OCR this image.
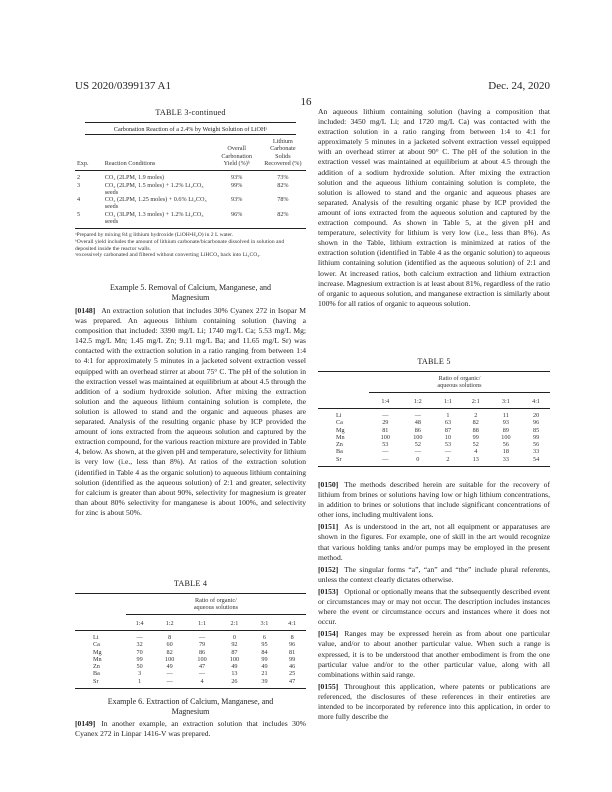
US 2020/0399137 A1
16
Dec. 24, 2020
TABLE 3-continued
Carbonation Reaction of a 2.4% by Weight Solution of LiOHᵃ
Exp.	Reaction Conditions	Overall Carbonation Yield (%)ᵇ	Lithium Carbonate Solids Recovered (%)
2	CO₂ (2LPM, 1.9 moles)	93%	73%
3	CO₂ (2LPM, 1.5 moles) + 1.2% Li₂CO₃ seeds	99%	82%
4	CO₂ (2LPM, 1.25 moles) + 0.6% Li₂CO₃ seeds	93%	78%
5	CO₂ (3LPM, 1.3 moles) + 1.2% Li₂CO₃ seeds	96%	82%
ᵃPrepared by mixing 84 g lithium hydroxide (LiOH•H₂O) in 2 L water.
ᵇOverall yield includes the amount of lithium carbonate/bicarbonate dissolved in solution and deposited inside the reactor walls.
ᶜexcessively carbonated and filtered without converting LiHCO₃ back into Li₂CO₃.
Example 5. Removal of Calcium, Manganese, and Magnesium

[0148] An extraction solution that includes 30% Cyanex 272 in Isopar M was prepared. An aqueous lithium containing solution (having a composition that included: 3390 mg/L Li; 1740 mg/L Ca; 5.53 mg/L Mg; 142.5 mg/L Mn; 1.45 mg/L Zn; 9.11 mg/L Ba; and 11.65 mg/L Sr) was contacted with the extraction solution in a ratio ranging from between 1:4 to 4:1 for approximately 5 minutes in a jacketed solvent extraction vessel equipped with an overhead stirrer at about 75° C. The pH of the solution in the extraction vessel was maintained at equilibrium at about 4.5 through the addition of a sodium hydroxide solution. After mixing the extraction solution and the aqueous lithium containing solution is complete, the solution is allowed to stand and the organic and aqueous phases are separated. Analysis of the resulting organic phase by ICP provided the amount of ions extracted from the aqueous solution and captured by the extraction compound, for the various reaction mixture are provided in Table 4, below. As shown, at the given pH and temperature, selectivity for lithium is very low (i.e., less than 8%). At ratios of the extraction solution (identified in Table 4 as the organic solution) to aqueous lithium containing solution (identified as the aqueous solution) of 2:1 and greater, selectivity for calcium is greater than about 90%, selectivity for magnesium is greater than about 80% selectivity for manganese is about 100%, and selectivity for zinc is about 50%.

TABLE 4
	Ratio of organic/ aqueous solutions					
	1:4	1:2	1:1	2:1	3:1	4:1
Li	—	8	—	0	6	8
Ca	32	60	79	92	95	96
Mg	70	82	86	87	84	81
Mn	99	100	100	100	99	99
Zn	50	49	47	49	49	46
Ba	3	—	—	13	21	25
Sr	1	—	4	26	39	47
Example 6. Extraction of Calcium, Manganese, and Magnesium

[0149] In another example, an extraction solution that includes 30% Cyanex 272 in Linpar 1416-V was prepared.

An aqueous lithium containing solution (having a composition that included: 3450 mg/L Li; and 1720 mg/L Ca) was contacted with the extraction solution in a ratio ranging from between 1:4 to 4:1 for approximately 5 minutes in a jacketed solvent extraction vessel equipped with an overhead stirrer at about 90° C. The pH of the solution in the extraction vessel was maintained at equilibrium at about 4.5 through the addition of a sodium hydroxide solution. After mixing the extraction solution and the aqueous lithium containing solution is complete, the solution is allowed to stand and the organic and aqueous phases are separated. Analysis of the resulting organic phase by ICP provided the amount of ions extracted from the aqueous solution and captured by the extraction compound. As shown in Table 5, at the given pH and temperature, selectivity for lithium is very low (i.e., less than 8%). As shown in the Table, lithium extraction is minimized at ratios of the extraction solution (identified in Table 4 as the organic solution) to aqueous lithium containing solution (identified as the aqueous solution) of 2:1 and lower. At increased ratios, both calcium extraction and lithium extraction increase. Magnesium extraction is at least about 81%, regardless of the ratio of organic to aqueous solution, and manganese extraction is similarly about 100% for all ratios of organic to aqueous solution.

TABLE 5
	Ratio of organic/ aqueous solutions					
	1:4	1:2	1:1	2:1	3:1	4:1
Li	—	—	1	2	11	20
Ca	29	48	63	82	93	96
Mg	81	86	87	88	89	85
Mn	100	100	10	99	100	99
Zn	53	52	53	52	56	56
Ba	—	—	—	4	18	33
Sr	—	0	2	13	33	54

[0150] The methods described herein are suitable for the recovery of lithium from brines or solutions having low or high lithium concentrations, in addition to brines or solutions that include significant concentrations of other ions, including multivalent ions.

[0151] As is understood in the art, not all equipment or apparatuses are shown in the figures. For example, one of skill in the art would recognize that various holding tanks and/or pumps may be employed in the present method.

[0152] The singular forms “a”, “an” and “the” include plural referents, unless the context clearly dictates otherwise.

[0153] Optional or optionally means that the subsequently described event or circumstances may or may not occur. The description includes instances where the event or circumstance occurs and instances where it does not occur.

[0154] Ranges may be expressed herein as from about one particular value, and/or to about another particular value. When such a range is expressed, it is to be understood that another embodiment is from the one particular value and/or to the other particular value, along with all combinations within said range.

[0155] Throughout this application, where patents or publications are referenced, the disclosures of these references in their entireties are intended to be incorporated by reference into this application, in order to more fully describe the
